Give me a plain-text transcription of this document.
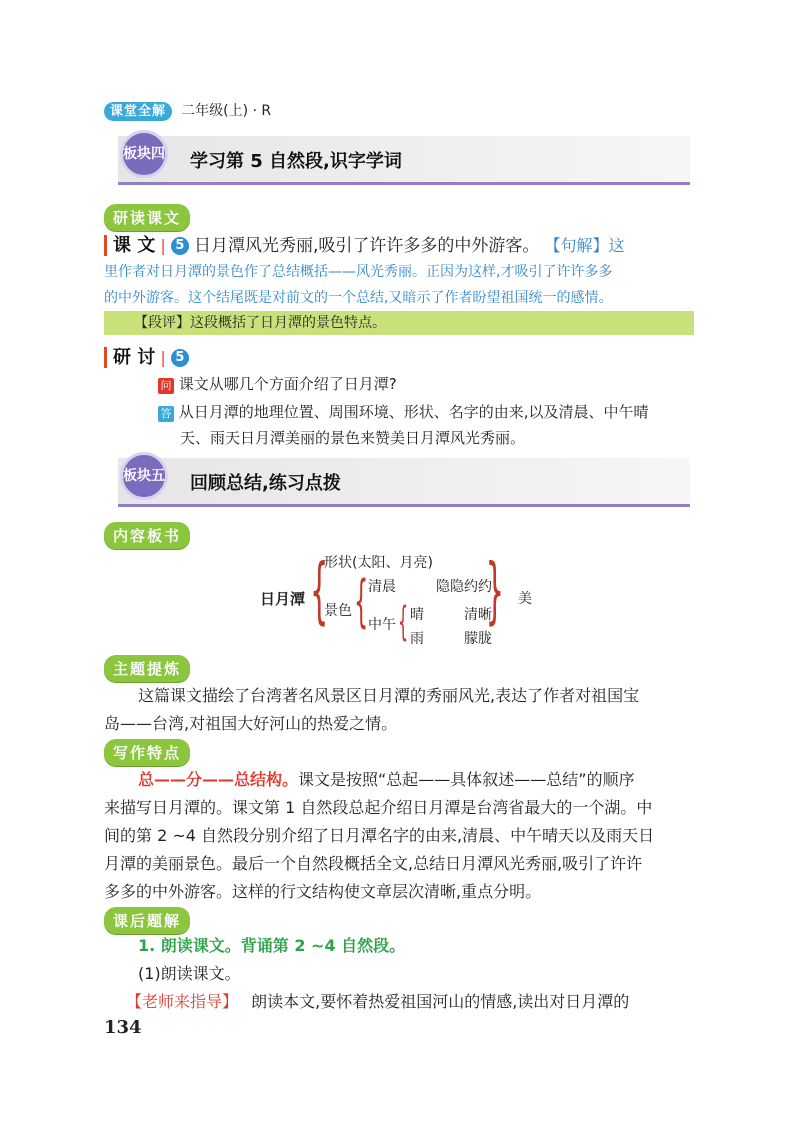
课堂全解 二年级(上) · R
板块四 学习第 5 自然段,识字学词
研读课文
课 文 | 5 日月潭风光秀丽,吸引了许许多多的中外游客。 【句解】这
里作者对日月潭的景色作了总结概括——风光秀丽。正因为这样,才吸引了许许多多
的中外游客。这个结尾既是对前文的一个总结,又暗示了作者盼望祖国统一的感情。
【段评】这段概括了日月潭的景色特点。
研 讨 | 5
问 课文从哪几个方面介绍了日月潭?
答 从日月潭的地理位置、周围环境、形状、名字的由来,以及清晨、中午晴
天、雨天日月潭美丽的景色来赞美日月潭风光秀丽。
板块五 回顾总结,练习点拨
内容板书
日月潭 {
形状(太阳、月亮)
景色 { 清晨	隐隐约约
中午 { 晴	清晰
雨	朦胧
{ 美
主题提炼
这篇课文描绘了台湾著名风景区日月潭的秀丽风光,表达了作者对祖国宝
岛——台湾,对祖国大好河山的热爱之情。
写作特点
总——分——总结构。课文是按照“总起——具体叙述——总结”的顺序
来描写日月潭的。课文第 1 自然段总起介绍日月潭是台湾省最大的一个湖。中
间的第 2 ~4 自然段分别介绍了日月潭名字的由来,清晨、中午晴天以及雨天日
月潭的美丽景色。最后一个自然段概括全文,总结日月潭风光秀丽,吸引了许许
多多的中外游客。这样的行文结构使文章层次清晰,重点分明。
课后题解
1. 朗读课文。背诵第 2 ~4 自然段。
(1)朗读课文。
【老师来指导】 朗读本文,要怀着热爱祖国河山的情感,读出对日月潭的
134
